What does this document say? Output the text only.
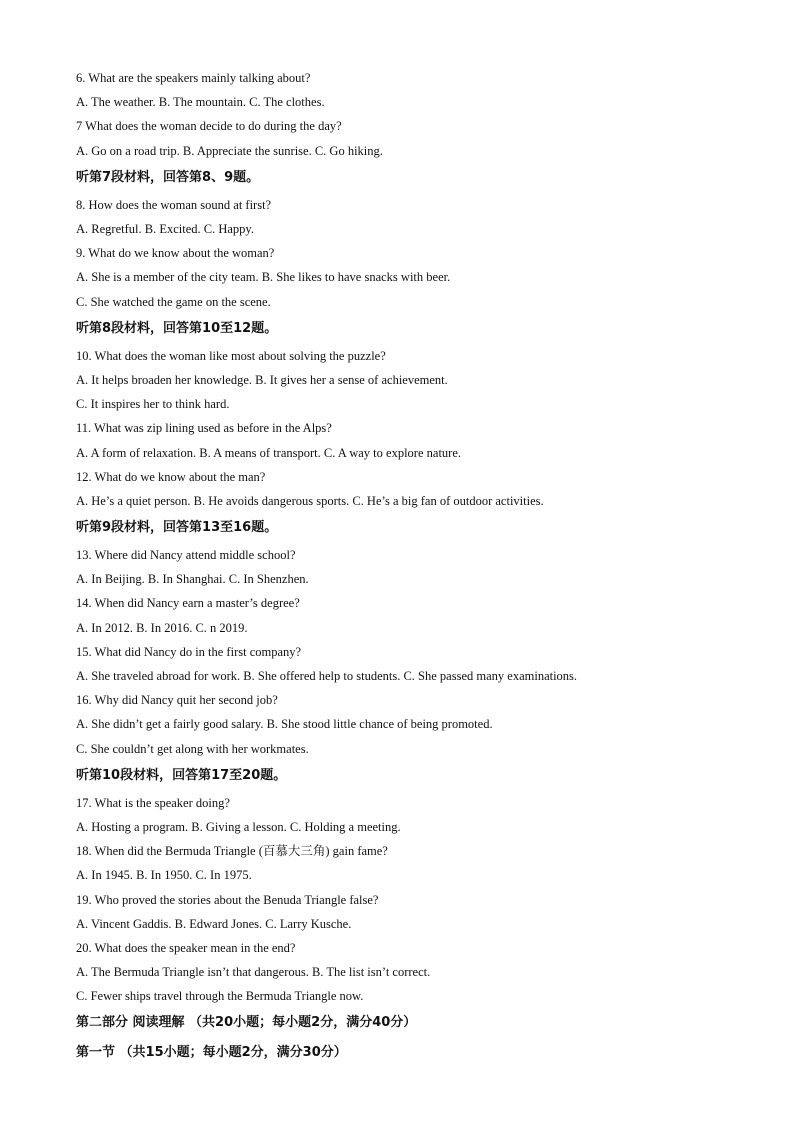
6. What are the speakers mainly talking about?

A. The weather. B. The mountain. C. The clothes.

7 What does the woman decide to do during the day?

A. Go on a road trip. B. Appreciate the sunrise. C. Go hiking.

听第7段材料，回答第8、9题。

8. How does the woman sound at first?

A. Regretful. B. Excited. C. Happy.

9. What do we know about the woman?

A. She is a member of the city team. B. She likes to have snacks with beer.

C. She watched the game on the scene.

听第8段材料，回答第10至12题。

10. What does the woman like most about solving the puzzle?

A. It helps broaden her knowledge. B. It gives her a sense of achievement.

C. It inspires her to think hard.

11. What was zip lining used as before in the Alps?

A. A form of relaxation. B. A means of transport. C. A way to explore nature.

12. What do we know about the man?

A. He’s a quiet person. B. He avoids dangerous sports. C. He’s a big fan of outdoor activities.

听第9段材料，回答第13至16题。

13. Where did Nancy attend middle school?

A. In Beijing. B. In Shanghai. C. In Shenzhen.

14. When did Nancy earn a master’s degree?

A. In 2012. B. In 2016. C. n 2019.

15. What did Nancy do in the first company?

A. She traveled abroad for work. B. She offered help to students. C. She passed many examinations.

16. Why did Nancy quit her second job?

A. She didn’t get a fairly good salary. B. She stood little chance of being promoted.

C. She couldn’t get along with her workmates.

听第10段材料，回答第17至20题。

17. What is the speaker doing?

A. Hosting a program. B. Giving a lesson. C. Holding a meeting.

18. When did the Bermuda Triangle (百慕大三角) gain fame?

A. In 1945. B. In 1950. C. In 1975.

19. Who proved the stories about the Benuda Triangle false?

A. Vincent Gaddis. B. Edward Jones. C. Larry Kusche.

20. What does the speaker mean in the end?

A. The Bermuda Triangle isn’t that dangerous. B. The list isn’t correct.

C. Fewer ships travel through the Bermuda Triangle now.

第二部分 阅读理解 （共20小题；每小题2分，满分40分）

第一节 （共15小题；每小题2分，满分30分）
